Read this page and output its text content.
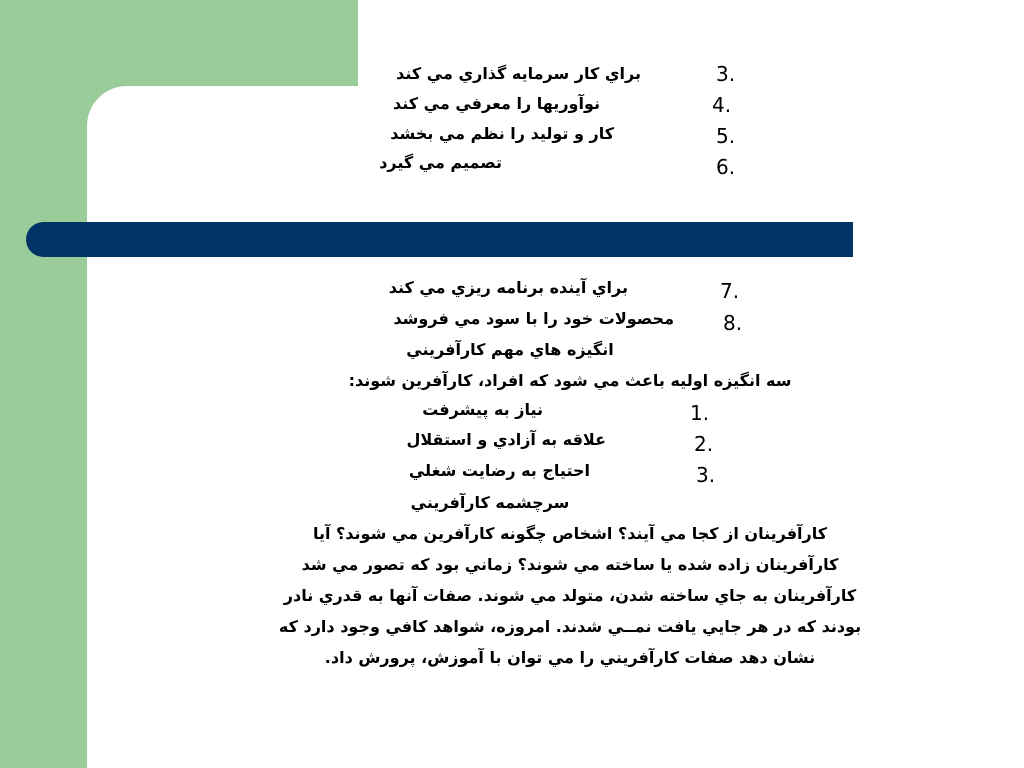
3.
براي كار سرمايه گذاري مي كند
4.
نوآوريها را معرفي مي كند
5.
كار و توليد را نظم مي بخشد
6.
تصميم مي گيرد
7.
براي آينده برنامه ريزي مي كند
8.
محصولات خود را با سود مي فروشد
انگيزه هاي مهم كارآفريني
سه انگيزه اوليه باعث مي شود كه افراد، كارآفرين شوند:
1.
نياز به پيشرفت
2.
علاقه به آزادي و استقلال
3.
احتياج به رضايت شغلي
سرچشمه كارآفريني
كارآفرينان از كجا مي آيند؟ اشخاص چگونه كارآفرين مي شوند؟ آيا
كارآفرينان زاده شده يا ساخته مي شوند؟ زماني بود كه تصور مي شد
كارآفرينان به جاي ساخته شدن، متولد مي شوند. صفات آنها به قدري نادر
بودند كه در هر جايي يافت نمــي شدند. امروزه، شواهد كافي وجود دارد كه
نشان دهد صفات كارآفريني را مي توان با آموزش، پرورش داد.
